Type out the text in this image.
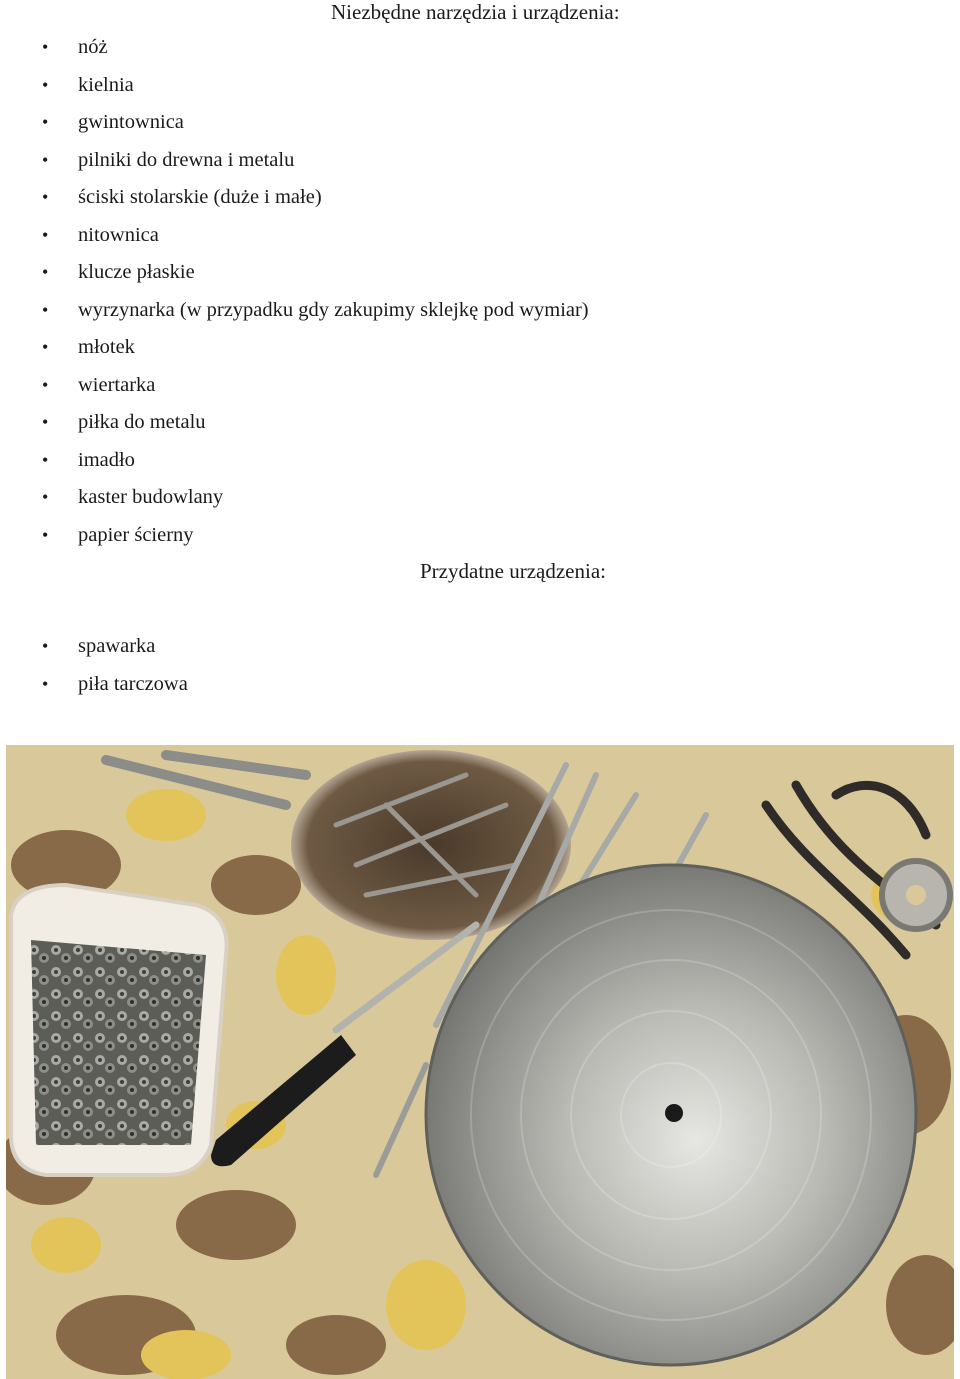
Niezbędne narzędzia i urządzenia:
• nóż
• kielnia
• gwintownica
• pilniki do drewna i metalu
• ściski stolarskie (duże i małe)
• nitownica
• klucze płaskie
• wyrzynarka (w przypadku gdy zakupimy sklejkę pod wymiar)
• młotek
• wiertarka
• piłka do metalu
• imadło
• kaster budowlany
• papier ścierny
Przydatne urządzenia:
• spawarka
• piła tarczowa
